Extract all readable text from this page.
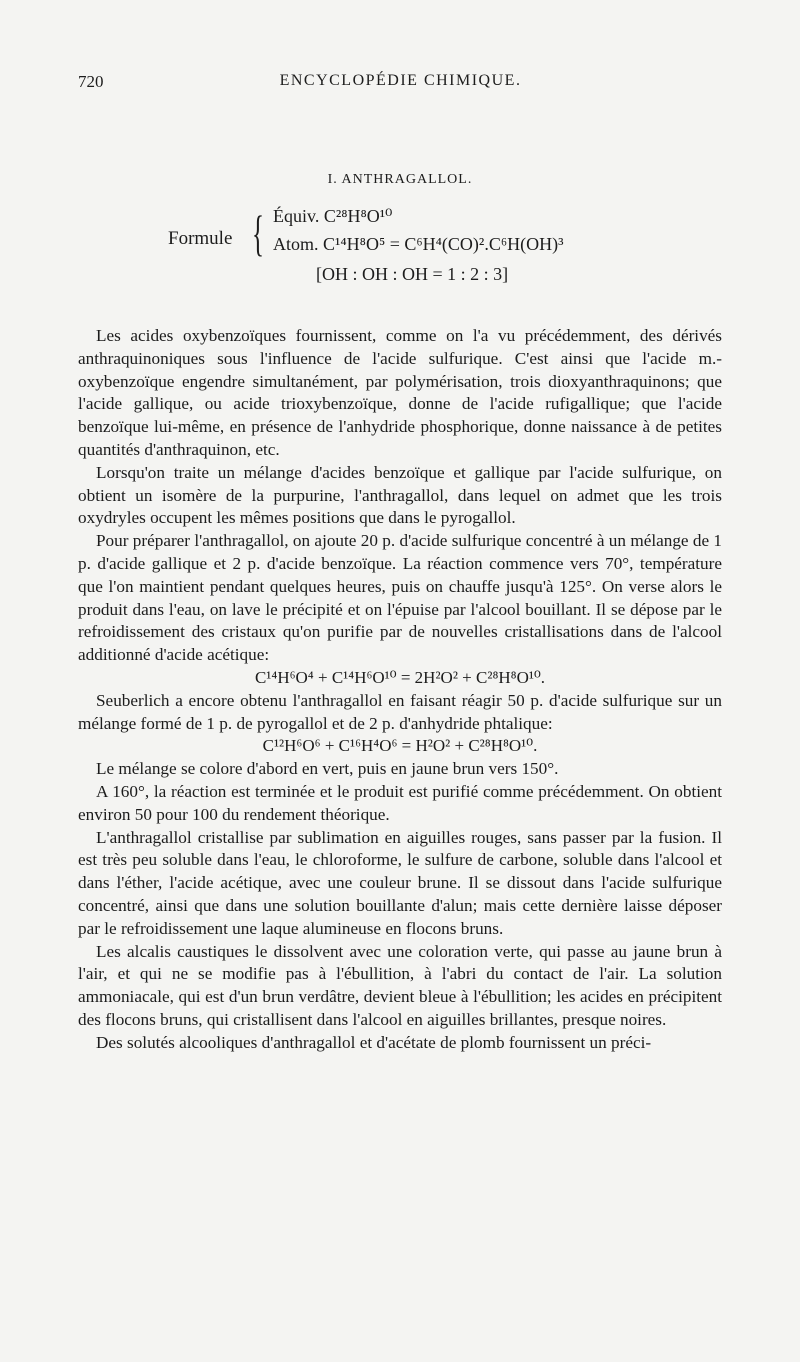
720	ENCYCLOPÉDIE CHIMIQUE.
I. ANTHRAGALLOL.
Formule { Équiv. C²⁸H⁸O¹⁰
Atom. C¹⁴H⁸O⁵ = C⁶H⁴(CO)².C⁶H(OH)³
[OH : OH : OH = 1 : 2 : 3]

Les acides oxybenzoïques fournissent, comme on l'a vu précédemment, des dérivés anthraquinoniques sous l'influence de l'acide sulfurique. C'est ainsi que l'acide m.-oxybenzoïque engendre simultanément, par polymérisation, trois dioxyanthraquinons; que l'acide gallique, ou acide trioxybenzoïque, donne de l'acide rufigallique; que l'acide benzoïque lui-même, en présence de l'anhydride phosphorique, donne naissance à de petites quantités d'anthraquinon, etc.

Lorsqu'on traite un mélange d'acides benzoïque et gallique par l'acide sulfurique, on obtient un isomère de la purpurine, l'anthragallol, dans lequel on admet que les trois oxydryles occupent les mêmes positions que dans le pyrogallol.

Pour préparer l'anthragallol, on ajoute 20 p. d'acide sulfurique concentré à un mélange de 1 p. d'acide gallique et 2 p. d'acide benzoïque. La réaction commence vers 70°, température que l'on maintient pendant quelques heures, puis on chauffe jusqu'à 125°. On verse alors le produit dans l'eau, on lave le précipité et on l'épuise par l'alcool bouillant. Il se dépose par le refroidissement des cristaux qu'on purifie par de nouvelles cristallisations dans de l'alcool additionné d'acide acétique:

C¹⁴H⁶O⁴ + C¹⁴H⁶O¹⁰ = 2H²O² + C²⁸H⁸O¹⁰.

Seuberlich a encore obtenu l'anthragallol en faisant réagir 50 p. d'acide sulfurique sur un mélange formé de 1 p. de pyrogallol et de 2 p. d'anhydride phtalique:

C¹²H⁶O⁶ + C¹⁶H⁴O⁶ = H²O² + C²⁸H⁸O¹⁰.

Le mélange se colore d'abord en vert, puis en jaune brun vers 150°.

A 160°, la réaction est terminée et le produit est purifié comme précédemment. On obtient environ 50 pour 100 du rendement théorique.

L'anthragallol cristallise par sublimation en aiguilles rouges, sans passer par la fusion. Il est très peu soluble dans l'eau, le chloroforme, le sulfure de carbone, soluble dans l'alcool et dans l'éther, l'acide acétique, avec une couleur brune. Il se dissout dans l'acide sulfurique concentré, ainsi que dans une solution bouillante d'alun; mais cette dernière laisse déposer par le refroidissement une laque alumineuse en flocons bruns.

Les alcalis caustiques le dissolvent avec une coloration verte, qui passe au jaune brun à l'air, et qui ne se modifie pas à l'ébullition, à l'abri du contact de l'air. La solution ammoniacale, qui est d'un brun verdâtre, devient bleue à l'ébullition; les acides en précipitent des flocons bruns, qui cristallisent dans l'alcool en aiguilles brillantes, presque noires.

Des solutés alcooliques d'anthragallol et d'acétate de plomb fournissent un préci-
